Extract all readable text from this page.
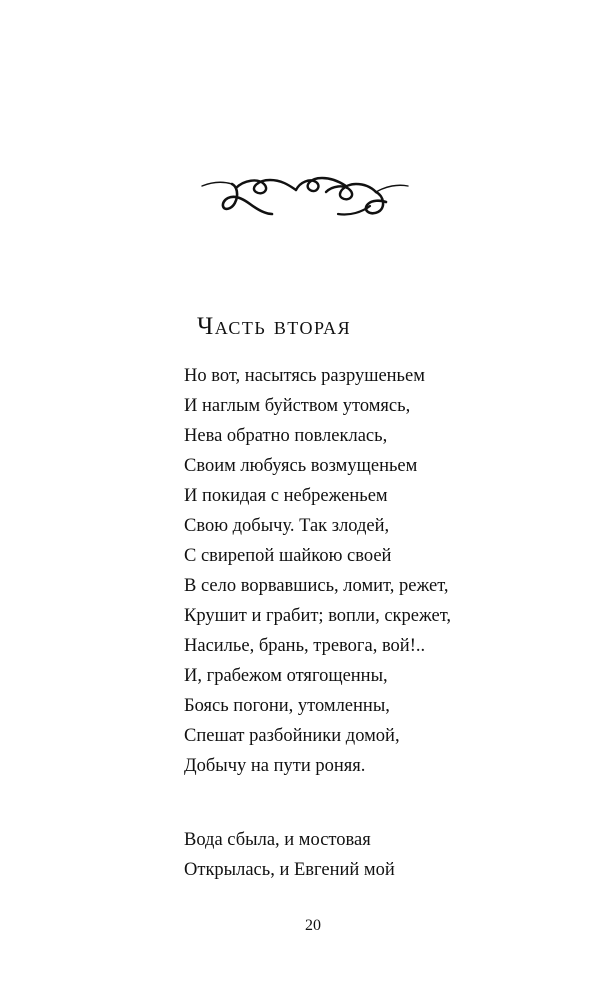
Часть вторая
Но вот, насытясь разрушеньем
И наглым буйством утомясь,
Нева обратно повлеклась,
Своим любуясь возмущеньем
И покидая с небреженьем
Свою добычу. Так злодей,
С свирепой шайкою своей
В село ворвавшись, ломит, режет,
Крушит и грабит; вопли, скрежет,
Насилье, брань, тревога, вой!..
И, грабежом отягощенны,
Боясь погони, утомленны,
Спешат разбойники домой,
Добычу на пути роняя.
Вода сбыла, и мостовая
Открылась, и Евгений мой
20
